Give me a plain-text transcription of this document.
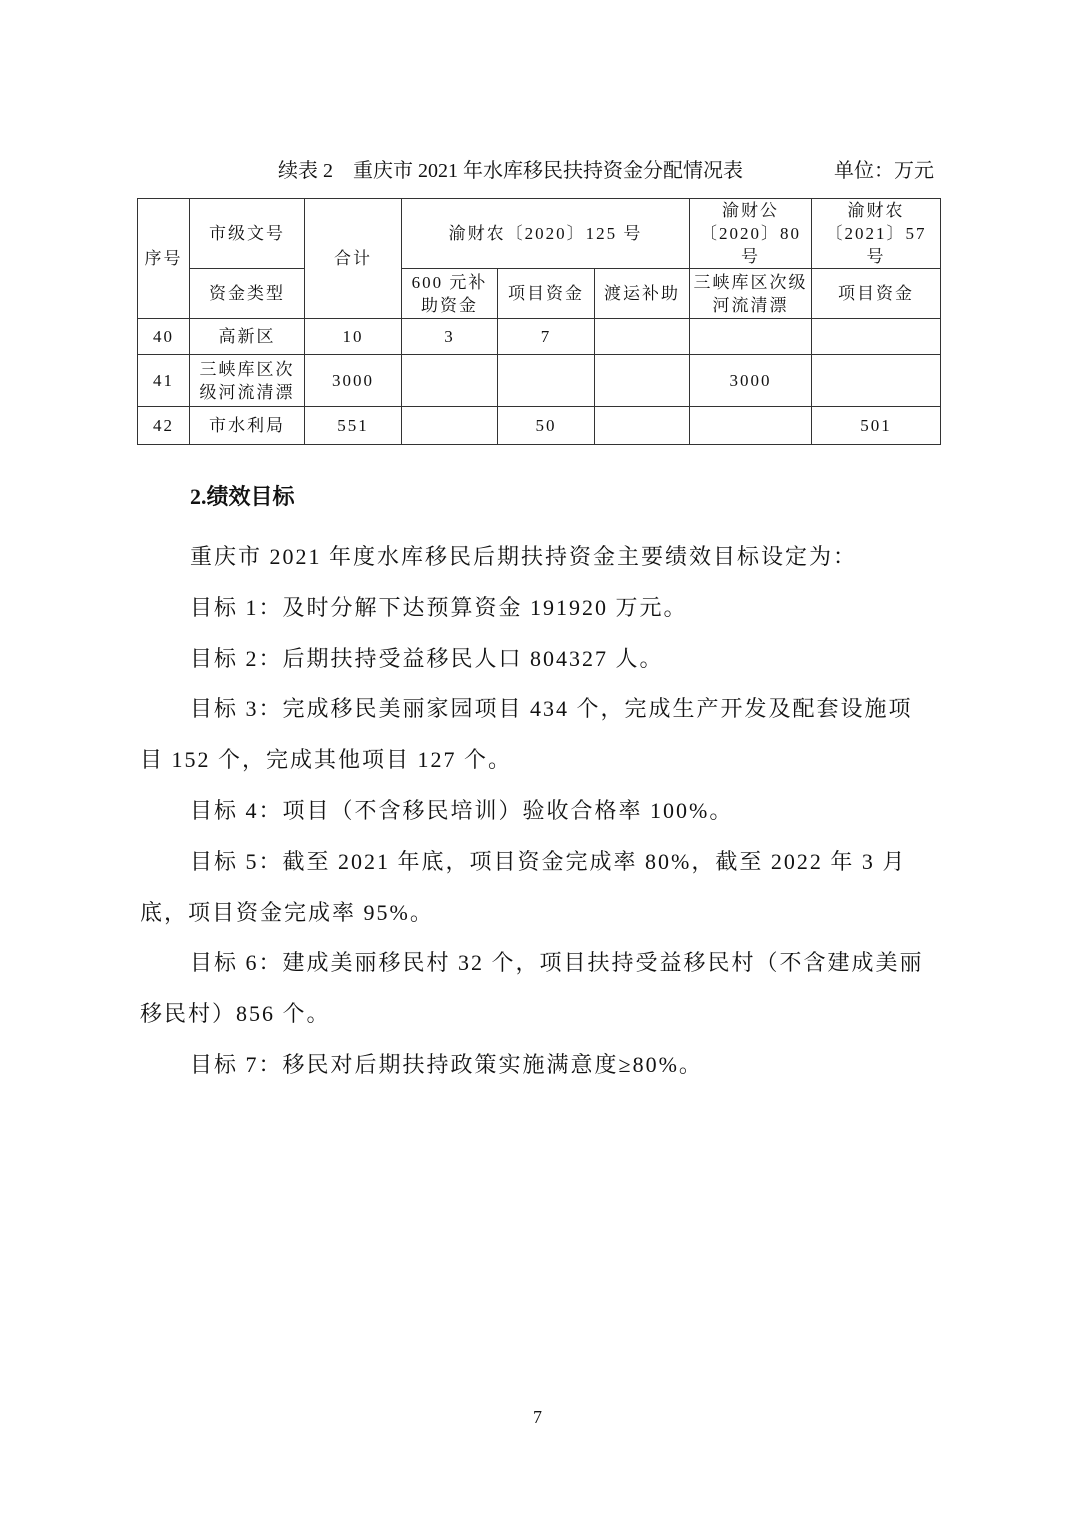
续表 2　重庆市 2021 年水库移民扶持资金分配情况表	单位：万元
序号	市级文号	合计	渝财农〔2020〕125 号			渝财公〔2020〕80 号	渝财农〔2021〕57 号
	资金类型		600 元补助资金	项目资金	渡运补助	三峡库区次级河流清漂	项目资金
40	高新区	10	3	7			
41	三峡库区次级河流清漂	3000				3000	
42	市水利局	551		50			501
2.绩效目标

重庆市 2021 年度水库移民后期扶持资金主要绩效目标设定为：

目标 1：及时分解下达预算资金 191920 万元。

目标 2：后期扶持受益移民人口 804327 人。

目标 3：完成移民美丽家园项目 434 个，完成生产开发及配套设施项目 152 个，完成其他项目 127 个。

目标 4：项目（不含移民培训）验收合格率 100%。

目标 5：截至 2021 年底，项目资金完成率 80%，截至 2022 年 3 月底，项目资金完成率 95%。

目标 6：建成美丽移民村 32 个，项目扶持受益移民村（不含建成美丽移民村）856 个。

目标 7：移民对后期扶持政策实施满意度≥80%。

7
